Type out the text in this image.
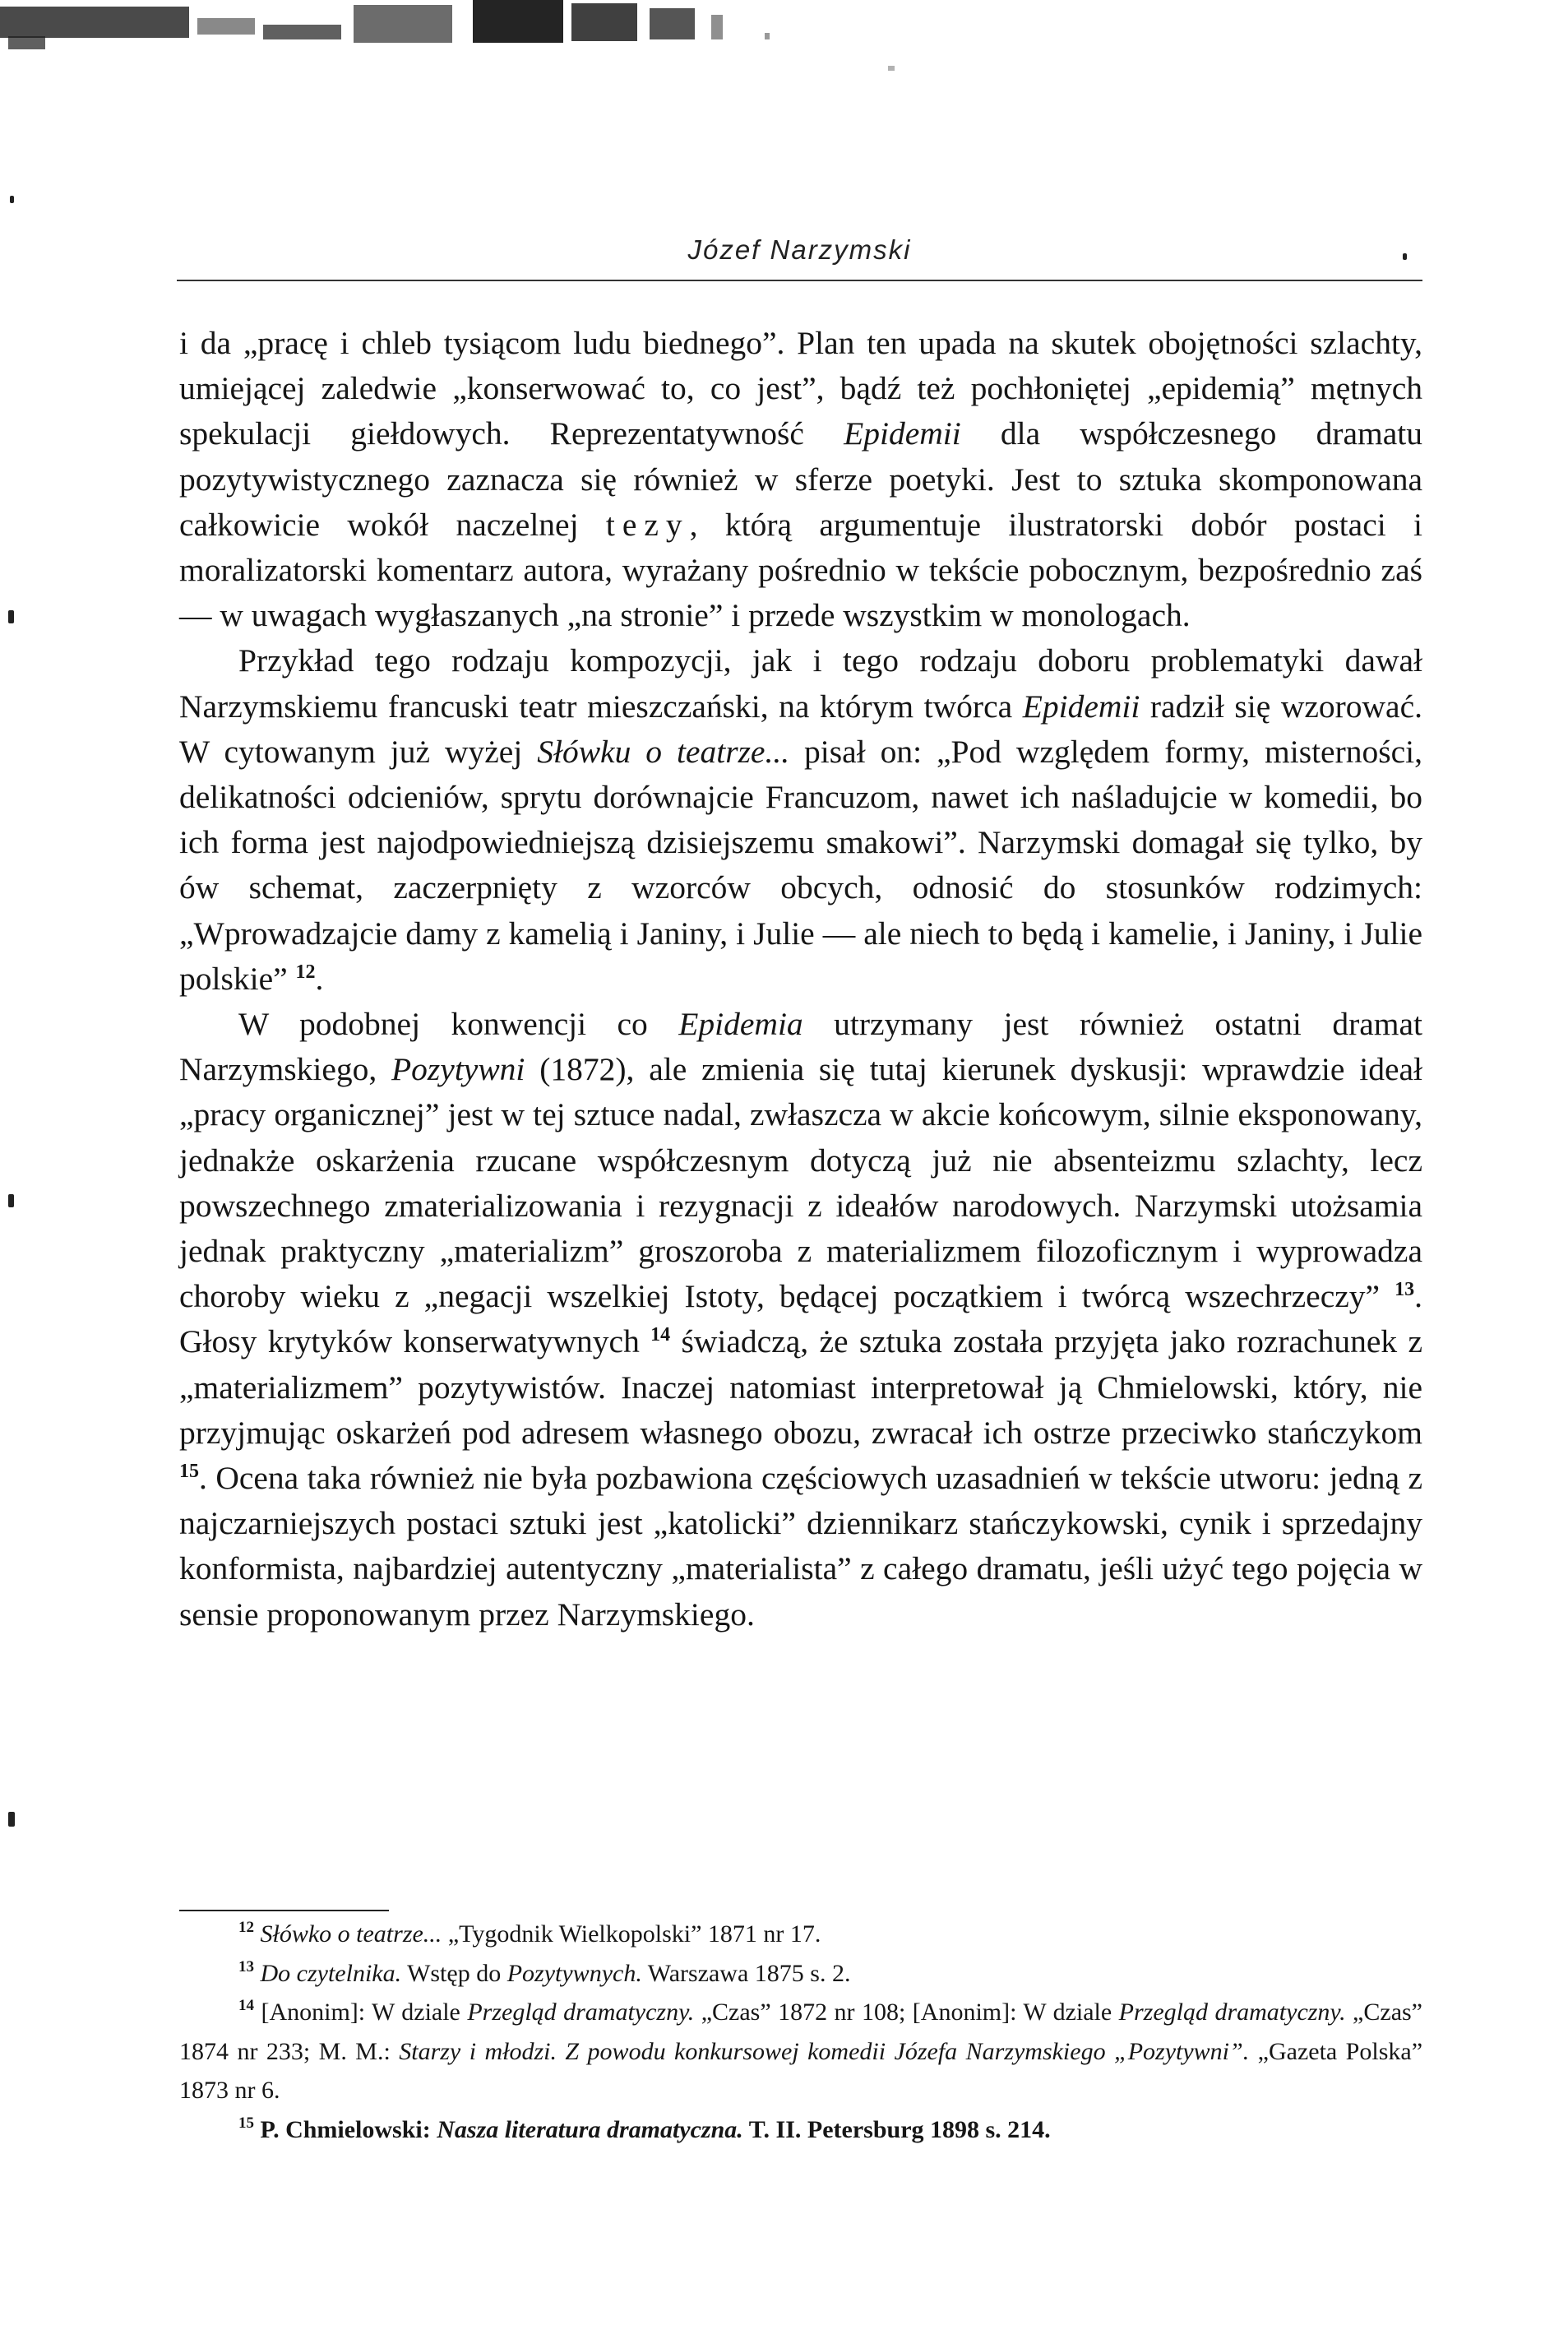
Józef Narzymski

i da „pracę i chleb tysiącom ludu biednego”. Plan ten upada na skutek obojętności szlachty, umiejącej zaledwie „konserwować to, co jest”, bądź też pochłoniętej „epidemią” mętnych spekulacji giełdowych. Reprezentatywność Epidemii dla współczesnego dramatu pozytywistycznego zaznacza się również w sferze poetyki. Jest to sztuka skomponowana całkowicie wokół naczelnej tezy, którą argumentuje ilustratorski dobór postaci i moralizatorski komentarz autora, wyrażany pośrednio w tekście pobocznym, bezpośrednio zaś — w uwagach wygłaszanych „na stronie” i przede wszystkim w monologach.

Przykład tego rodzaju kompozycji, jak i tego rodzaju doboru problematyki dawał Narzymskiemu francuski teatr mieszczański, na którym twórca Epidemii radził się wzorować. W cytowanym już wyżej Słówku o teatrze... pisał on: „Pod względem formy, misterności, delikatności odcieniów, sprytu dorównajcie Francuzom, nawet ich naśladujcie w komedii, bo ich forma jest najodpowiedniejszą dzisiejszemu smakowi”. Narzymski domagał się tylko, by ów schemat, zaczerpnięty z wzorców obcych, odnosić do stosunków rodzimych: „Wprowadzajcie damy z kamelią i Janiny, i Julie — ale niech to będą i kamelie, i Janiny, i Julie polskie” $^{12}$.

W podobnej konwencji co Epidemia utrzymany jest również ostatni dramat Narzymskiego, Pozytywni (1872), ale zmienia się tutaj kierunek dyskusji: wprawdzie ideał „pracy organicznej” jest w tej sztuce nadal, zwłaszcza w akcie końcowym, silnie eksponowany, jednakże oskarżenia rzucane współczesnym dotyczą już nie absenteizmu szlachty, lecz powszechnego zmaterializowania i rezygnacji z ideałów narodowych. Narzymski utożsamia jednak praktyczny „materializm” groszoroba z materializmem filozoficznym i wyprowadza choroby wieku z „negacji wszelkiej Istoty, będącej początkiem i twórcą wszechrzeczy” $^{13}$. Głosy krytyków konserwatywnych $^{14}$ świadczą, że sztuka została przyjęta jako rozrachunek z „materializmem” pozytywistów. Inaczej natomiast interpretował ją Chmielowski, który, nie przyjmując oskarżeń pod adresem własnego obozu, zwracał ich ostrze przeciwko stańczykom $^{15}$. Ocena taka również nie była pozbawiona częściowych uzasadnień w tekście utworu: jedną z najczarniejszych postaci sztuki jest „katolicki” dziennikarz stańczykowski, cynik i sprzedajny konformista, najbardziej autentyczny „materialista” z całego dramatu, jeśli użyć tego pojęcia w sensie proponowanym przez Narzymskiego.

$^{12}$ Słówko o teatrze... „Tygodnik Wielkopolski” 1871 nr 17.

$^{13}$ Do czytelnika. Wstęp do Pozytywnych. Warszawa 1875 s. 2.

$^{14}$ [Anonim]: W dziale Przegląd dramatyczny. „Czas” 1872 nr 108; [Anonim]: W dziale Przegląd dramatyczny. „Czas” 1874 nr 233; M. M.: Starzy i młodzi. Z powodu konkursowej komedii Józefa Narzymskiego „Pozytywni”. „Gazeta Polska” 1873 nr 6.

$^{15}$ P. Chmielowski: Nasza literatura dramatyczna. T. II. Petersburg 1898 s. 214.
